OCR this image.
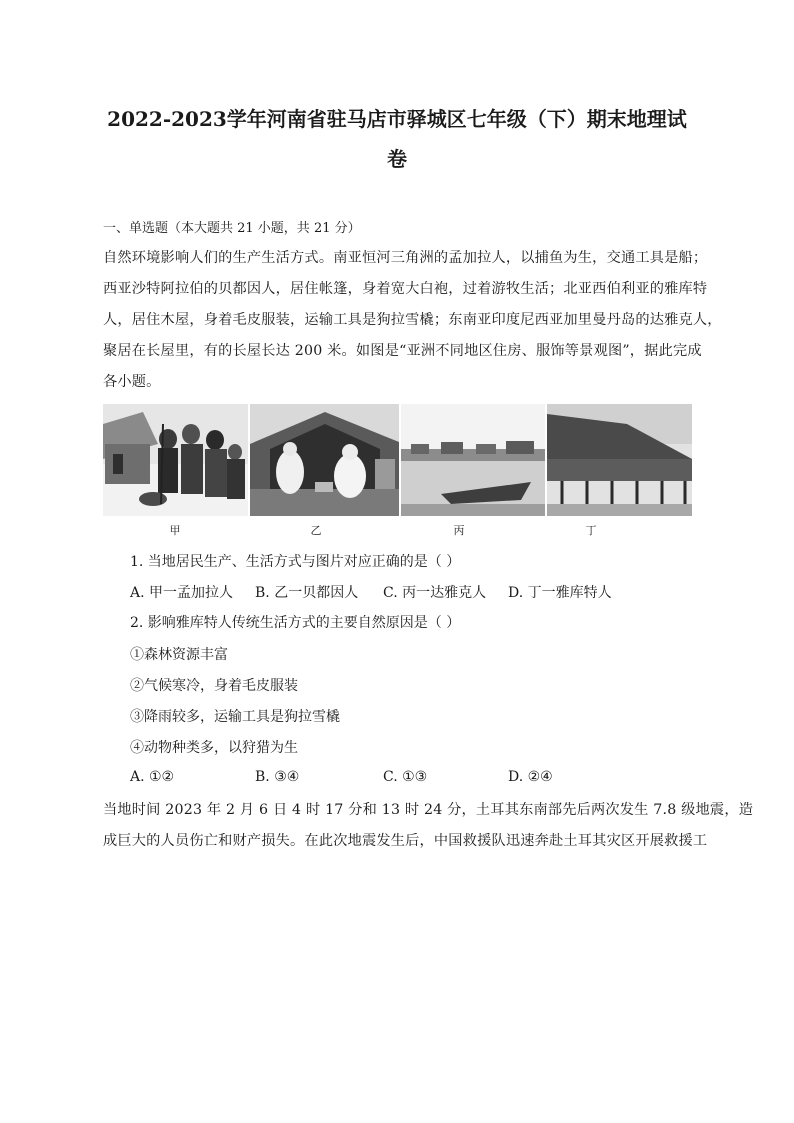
2022-2023学年河南省驻马店市驿城区七年级（下）期末地理试
卷
一、单选题（本大题共 21 小题，共 21 分）
自然环境影响人们的生产生活方式。南亚恒河三角洲的孟加拉人，以捕鱼为生，交通工具是船；
西亚沙特阿拉伯的贝都因人，居住帐篷，身着宽大白袍，过着游牧生活；北亚西伯利亚的雅库特
人，居住木屋，身着毛皮服装，运输工具是狗拉雪橇；东南亚印度尼西亚加里曼丹岛的达雅克人，
聚居在长屋里，有的长屋长达 200 米。如图是“亚洲不同地区住房、服饰等景观图”，据此完成
各小题。
甲	乙	丙	丁
1. 当地居民生产、生活方式与图片对应正确的是（ ）
A. 甲一孟加拉人 B. 乙一贝都因人 C. 丙一达雅克人 D. 丁一雅库特人
2. 影响雅库特人传统生活方式的主要自然原因是（ ）
①森林资源丰富
②气候寒冷，身着毛皮服装
③降雨较多，运输工具是狗拉雪橇
④动物种类多，以狩猎为生
A. ①②	B. ③④	C. ①③	D. ②④
当地时间 2023 年 2 月 6 日 4 时 17 分和 13 时 24 分，土耳其东南部先后两次发生 7.8 级地震，造
成巨大的人员伤亡和财产损失。在此次地震发生后，中国救援队迅速奔赴土耳其灾区开展救援工
